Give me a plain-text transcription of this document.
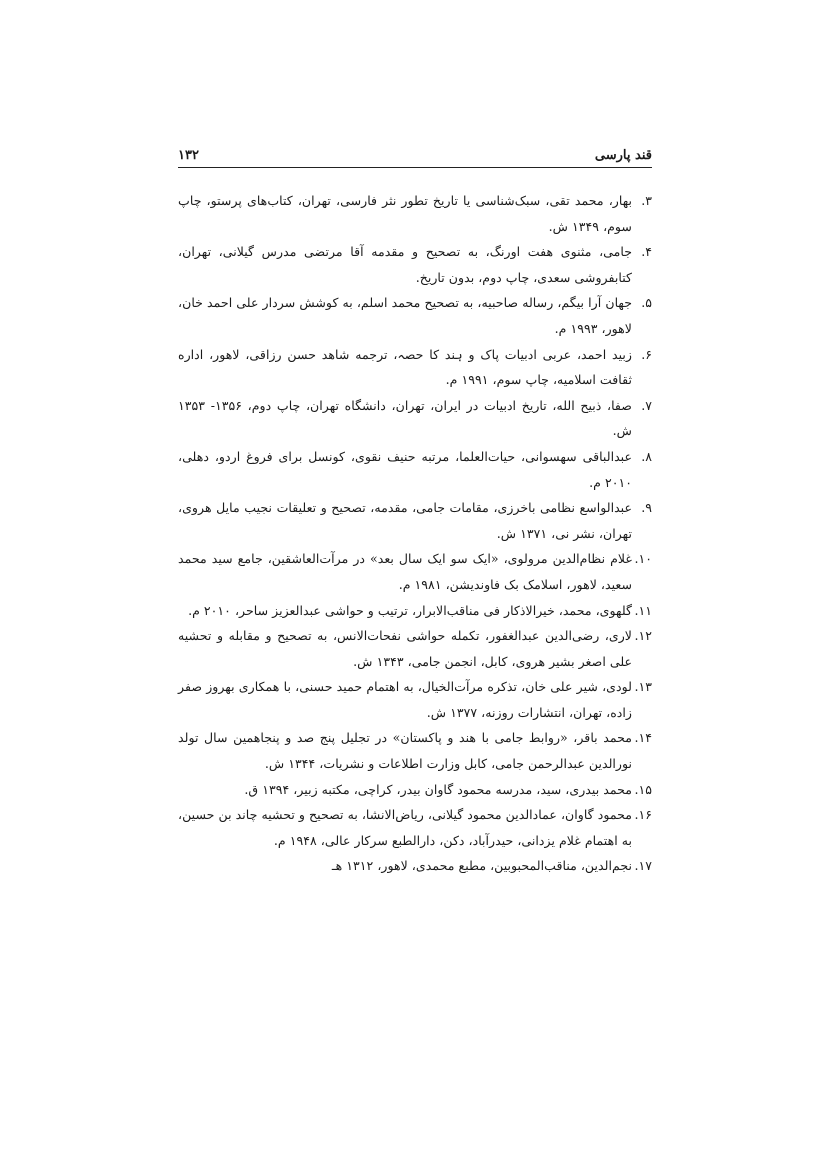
قند پارسی
۱۳۲
۳.
بهار، محمد تقی، سبک‌شناسی یا تاریخ تطور نثر فارسی، تهران، کتاب‌های پرستو، چاپ سوم، ۱۳۴۹ ش.
۴.
جامی، مثنوی هفت اورنگ، به تصحیح و مقدمه آقا مرتضی مدرس گیلانی، تهران، کتابفروشی سعدی، چاپ دوم، بدون تاریخ.
۵.
جهان آرا بیگم، رساله صاحبیه، به تصحیح محمد اسلم، به کوشش سردار علی احمد خان، لاهور، ۱۹۹۳ م.
۶.
زبید احمد، عربی ادبیات پاک و ہند کا حصہ، ترجمه شاهد حسن رزاقی، لاهور، اداره ثقافت اسلامیه، چاپ سوم، ۱۹۹۱ م.
۷.
صفا، ذبیح الله، تاریخ ادبیات در ایران، تهران، دانشگاه تهران، چاپ دوم، ۱۳۵۶- ۱۳۵۳ ش.
۸.
عبدالباقی سهسوانی، حیات‌العلما، مرتبه حنیف نقوی، کونسل برای فروغ اردو، دهلی، ۲۰۱۰ م.
۹.
عبدالواسع نظامی باخرزی، مقامات جامی، مقدمه، تصحیح و تعلیقات نجیب مایل هروی، تهران، نشر نی، ۱۳۷۱ ش.
۱۰.
غلام نظام‌الدین مرولوی، «ایک سو ایک سال بعد» در مرآت‌العاشقین، جامع سید محمد سعید، لاهور، اسلامک بک فاوندیشن، ۱۹۸۱ م.
۱۱.
گلهوی، محمد، خیرالاذکار فی مناقب‌الابرار، ترتیب و حواشی عبدالعزیز ساحر، ۲۰۱۰ م.
۱۲.
لاری، رضی‌الدین عبدالغفور، تکمله حواشی نفحات‌الانس، به تصحیح و مقابله و تحشیه علی اصغر بشیر هروی، کابل، انجمن جامی، ۱۳۴۳ ش.
۱۳.
لودی، شیر علی خان، تذکره مرآت‌الخیال، به اهتمام حمید حسنی، با همکاری بهروز صفر زاده، تهران، انتشارات روزنه، ۱۳۷۷ ش.
۱۴.
محمد باقر، «روابط جامی با هند و پاکستان» در تجلیل پنج صد و پنجاهمین سال تولد نورالدین عبدالرحمن جامی، کابل وزارت اطلاعات و نشریات، ۱۳۴۴ ش.
۱۵.
محمد بیدری، سید، مدرسه محمود گاوان بیدر، کراچی، مکتبه زبیر، ۱۳۹۴ ق.
۱۶.
محمود گاوان، عمادالدین محمود گیلانی، ریاض‌الانشا، به تصحیح و تحشیه چاند بن حسین، به اهتمام غلام یزدانی، حیدرآباد، دکن، دارالطبع سرکار عالی، ۱۹۴۸ م.
۱۷.
نجم‌الدین، مناقب‌المحبوبین، مطبع محمدی، لاهور، ۱۳۱۲ هـ
